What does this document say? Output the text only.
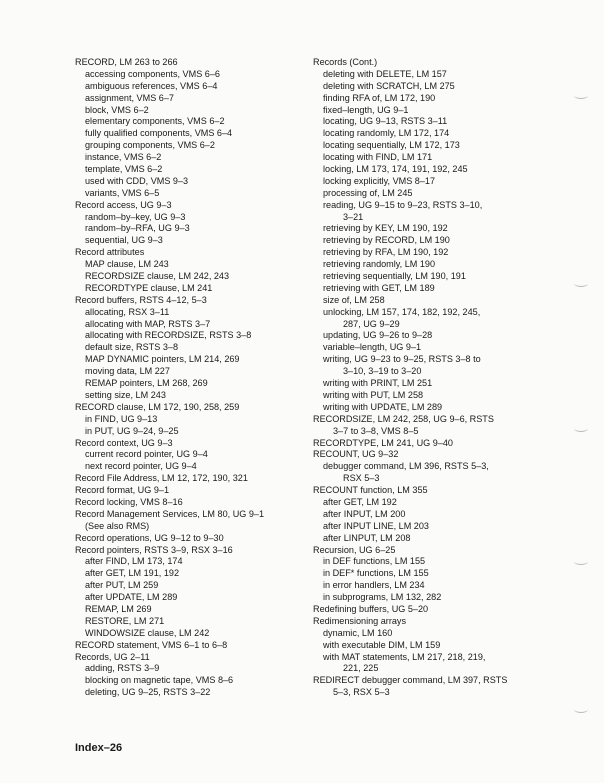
RECORD, LM 263 to 266
accessing components, VMS 6–6
ambiguous references, VMS 6–4
assignment, VMS 6–7
block, VMS 6–2
elementary components, VMS 6–2
fully qualified components, VMS 6–4
grouping components, VMS 6–2
instance, VMS 6–2
template, VMS 6–2
used with CDD, VMS 9–3
variants, VMS 6–5
Record access, UG 9–3
random–by–key, UG 9–3
random–by–RFA, UG 9–3
sequential, UG 9–3
Record attributes
MAP clause, LM 243
RECORDSIZE clause, LM 242, 243
RECORDTYPE clause, LM 241
Record buffers, RSTS 4–12, 5–3
allocating, RSX 3–11
allocating with MAP, RSTS 3–7
allocating with RECORDSIZE, RSTS 3–8
default size, RSTS 3–8
MAP DYNAMIC pointers, LM 214, 269
moving data, LM 227
REMAP pointers, LM 268, 269
setting size, LM 243
RECORD clause, LM 172, 190, 258, 259
in FIND, UG 9–13
in PUT, UG 9–24, 9–25
Record context, UG 9–3
current record pointer, UG 9–4
next record pointer, UG 9–4
Record File Address, LM 12, 172, 190, 321
Record format, UG 9–1
Record locking, VMS 8–16
Record Management Services, LM 80, UG 9–1
(See also RMS)
Record operations, UG 9–12 to 9–30
Record pointers, RSTS 3–9, RSX 3–16
after FIND, LM 173, 174
after GET, LM 191, 192
after PUT, LM 259
after UPDATE, LM 289
REMAP, LM 269
RESTORE, LM 271
WINDOWSIZE clause, LM 242
RECORD statement, VMS 6–1 to 6–8
Records, UG 2–11
adding, RSTS 3–9
blocking on magnetic tape, VMS 8–6
deleting, UG 9–25, RSTS 3–22
Records (Cont.)
deleting with DELETE, LM 157
deleting with SCRATCH, LM 275
finding RFA of, LM 172, 190
fixed–length, UG 9–1
locating, UG 9–13, RSTS 3–11
locating randomly, LM 172, 174
locating sequentially, LM 172, 173
locating with FIND, LM 171
locking, LM 173, 174, 191, 192, 245
locking explicitly, VMS 8–17
processing of, LM 245
reading, UG 9–15 to 9–23, RSTS 3–10,
3–21
retrieving by KEY, LM 190, 192
retrieving by RECORD, LM 190
retrieving by RFA, LM 190, 192
retrieving randomly, LM 190
retrieving sequentially, LM 190, 191
retrieving with GET, LM 189
size of, LM 258
unlocking, LM 157, 174, 182, 192, 245,
287, UG 9–29
updating, UG 9–26 to 9–28
variable–length, UG 9–1
writing, UG 9–23 to 9–25, RSTS 3–8 to
3–10, 3–19 to 3–20
writing with PRINT, LM 251
writing with PUT, LM 258
writing with UPDATE, LM 289
RECORDSIZE, LM 242, 258, UG 9–6, RSTS
3–7 to 3–8, VMS 8–5
RECORDTYPE, LM 241, UG 9–40
RECOUNT, UG 9–32
debugger command, LM 396, RSTS 5–3,
RSX 5–3
RECOUNT function, LM 355
after GET, LM 192
after INPUT, LM 200
after INPUT LINE, LM 203
after LINPUT, LM 208
Recursion, UG 6–25
in DEF functions, LM 155
in DEF* functions, LM 155
in error handlers, LM 234
in subprograms, LM 132, 282
Redefining buffers, UG 5–20
Redimensioning arrays
dynamic, LM 160
with executable DIM, LM 159
with MAT statements, LM 217, 218, 219,
221, 225
REDIRECT debugger command, LM 397, RSTS
5–3, RSX 5–3
Index–26
